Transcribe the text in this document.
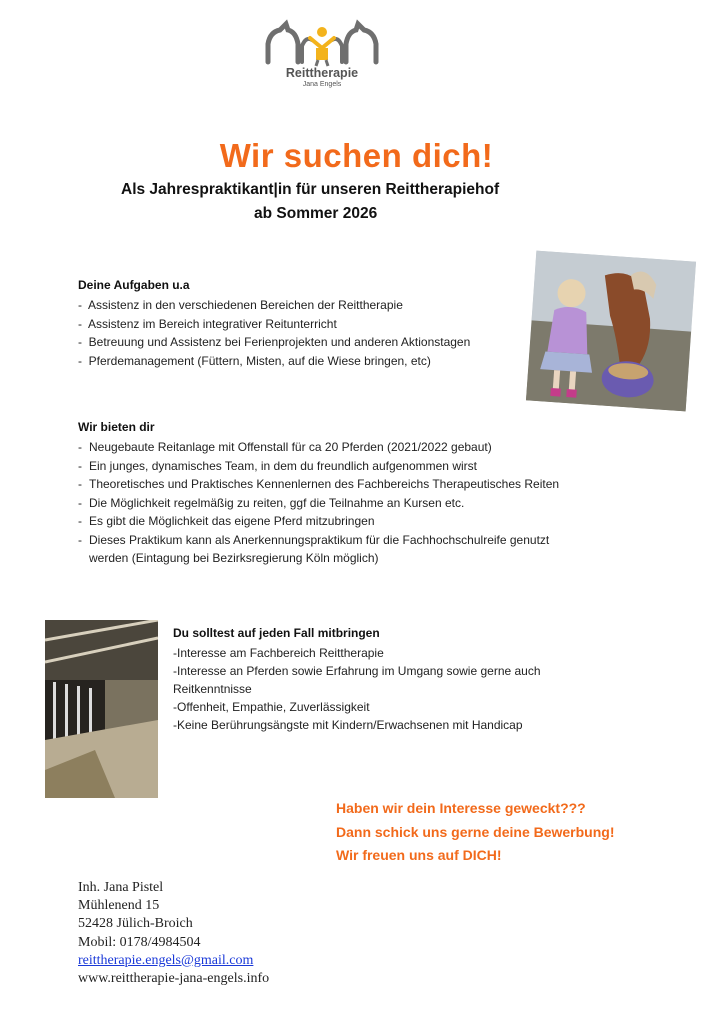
Reittherapie
Jana Engels
Wir suchen dich!
Als Jahrespraktikant|in für unseren Reittherapiehof
ab Sommer 2026
Deine Aufgaben u.a
- Assistenz in den verschiedenen Bereichen der Reittherapie
- Assistenz im Bereich integrativer Reitunterricht
- Betreuung und Assistenz bei Ferienprojekten und anderen Aktionstagen
- Pferdemanagement (Füttern, Misten, auf die Wiese bringen, etc)
Wir bieten dir
- Neugebaute Reitanlage mit Offenstall für ca 20 Pferden (2021/2022 gebaut)
- Ein junges, dynamisches Team, in dem du freundlich aufgenommen wirst
- Theoretisches und Praktisches Kennenlernen des Fachbereichs Therapeutisches Reiten
- Die Möglichkeit regelmäßig zu reiten, ggf die Teilnahme an Kursen etc.
- Es gibt die Möglichkeit das eigene Pferd mitzubringen
- Dieses Praktikum kann als Anerkennungspraktikum für die Fachhochschulreife genutzt
werden (Eintagung bei Bezirksregierung Köln möglich)
Du solltest auf jeden Fall mitbringen
-Interesse am Fachbereich Reittherapie
-Interesse an Pferden sowie Erfahrung im Umgang sowie gerne auch
Reitkenntnisse
-Offenheit, Empathie, Zuverlässigkeit
-Keine Berührungsängste mit Kindern/Erwachsenen mit Handicap
Haben wir dein Interesse geweckt???
Dann schick uns gerne deine Bewerbung!
Wir freuen uns auf DICH!
Inh. Jana Pistel
Mühlenend 15
52428 Jülich-Broich
Mobil: 0178/4984504
reittherapie.engels@gmail.com
www.reittherapie-jana-engels.info
